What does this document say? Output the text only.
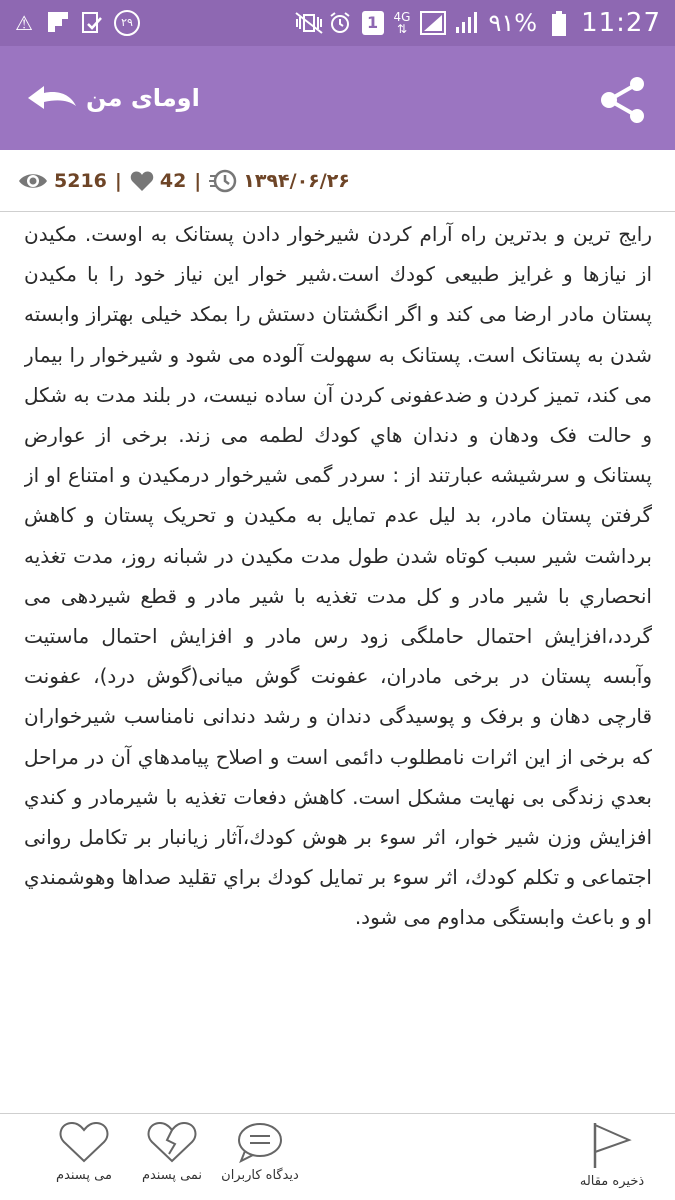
⚠	٢٩	1	4G
⇅	٩١% 11:27
اومای من
5216 | 42 | ۱۳۹۴/۰۶/۲۶

رایج ترین و بدترین راه آرام کردن شیرخوار دادن پستانک به اوست. مکیدن از نیازها و غرایز طبیعی کودك است.شیر خوار این نیاز خود را با مکیدن پستان مادر ارضا می کند و اگر انگشتان دستش را بمکد خیلی بهتراز وابسته شدن به پستانک است. پستانک به سهولت آلوده می شود و شیرخوار را بیمار می کند، تمیز کردن و ضدعفونی کردن آن ساده نیست، در بلند مدت به شکل و حالت فک ودهان و دندان هاي کودك لطمه می زند. برخی از عوارض پستانک و سرشیشه عبارتند از : سردر گمی شیرخوار درمکیدن و امتناع او از گرفتن پستان مادر، بد لیل عدم تمایل به مکیدن و تحریک پستان و کاهش برداشت شیر سبب کوتاه شدن طول مدت مکیدن در شبانه روز، مدت تغذیه انحصاري با شیر مادر و کل مدت تغذیه با شیر مادر و قطع شیردهی می گردد،افزایش احتمال حاملگی زود رس مادر و افزایش احتمال ماستیت وآبسه پستان در برخی مادران، عفونت گوش میانی(گوش درد)، عفونت قارچی دهان و برفک و پوسیدگی دندان و رشد دندانی نامناسب شیرخواران که برخی از این اثرات نامطلوب دائمی است و اصلاح پیامدهاي آن در مراحل بعدي زندگی بی نهایت مشکل است. کاهش دفعات تغذیه با شیرمادر و کندي افزایش وزن شیر خوار، اثر سوء بر هوش کودك،آثار زیانبار بر تکامل روانی اجتماعی و تکلم کودك، اثر سوء بر تمایل کودك براي تقلید صداها وهوشمندي او و باعث وابستگی مداوم می شود.

می پسندم	نمی پسندم	دیدگاه کاربران	ذخیره مقاله
